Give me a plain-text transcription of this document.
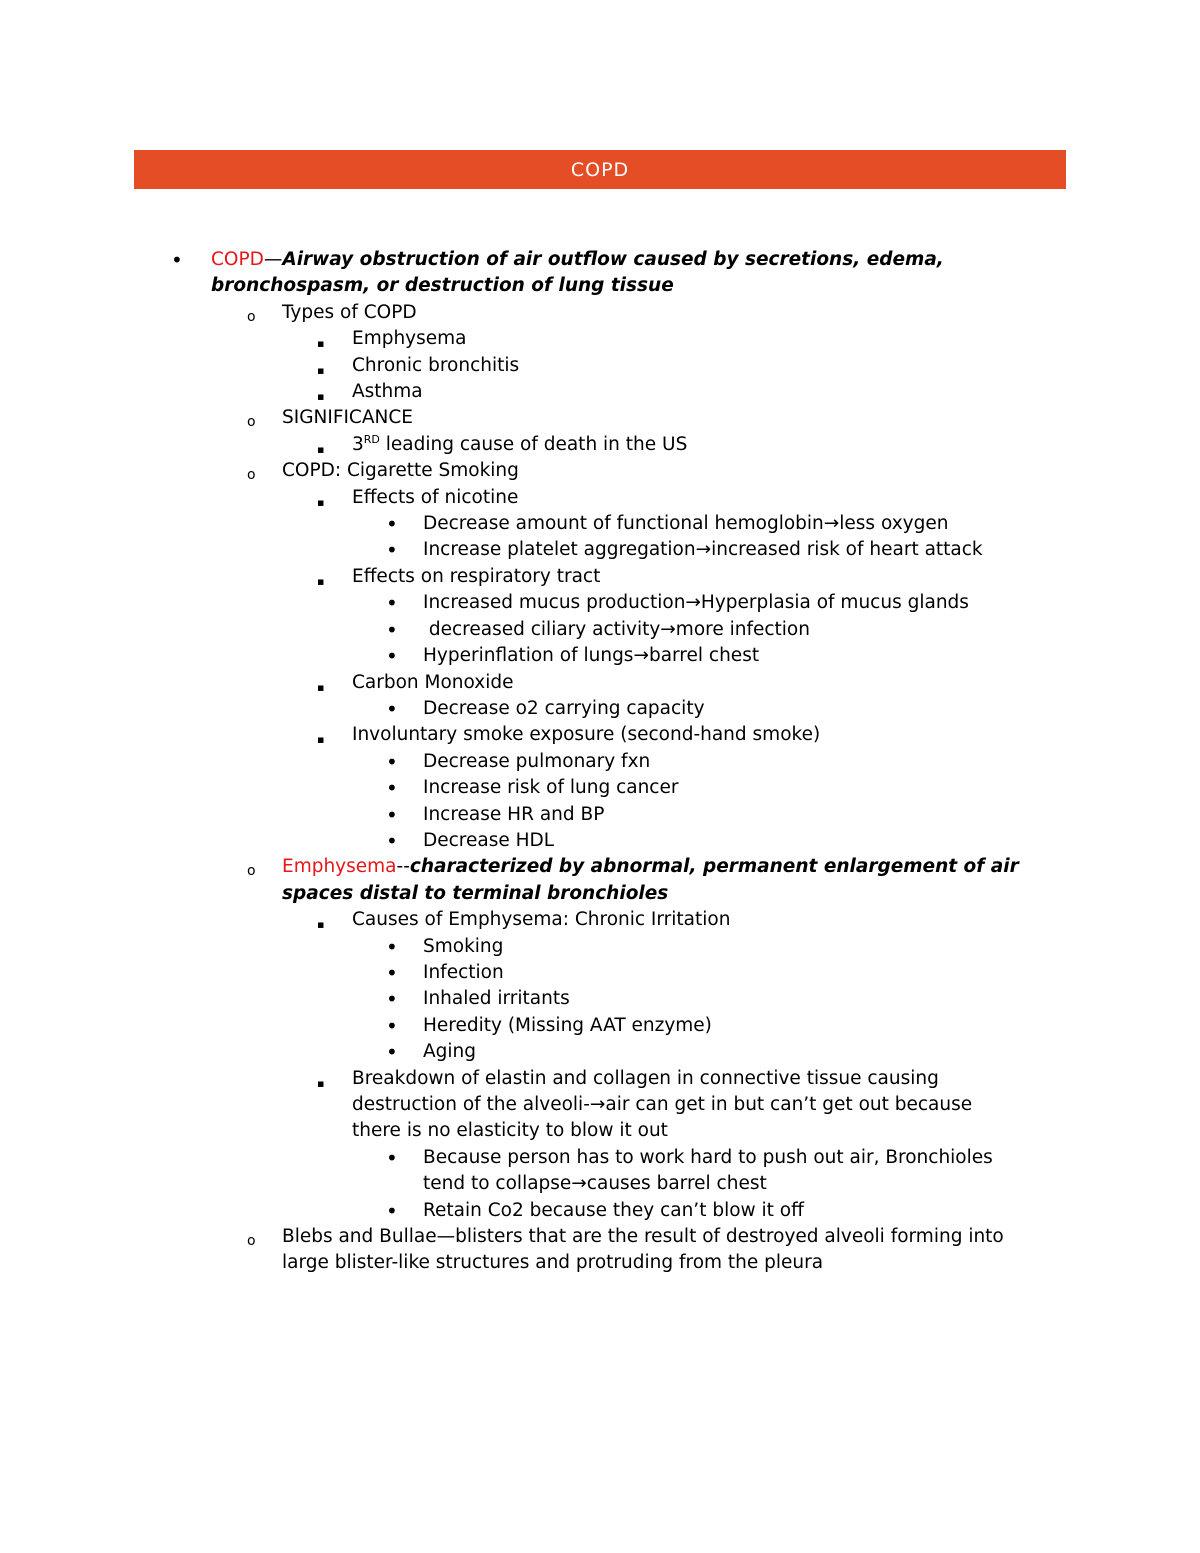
COPD
• COPD—Airway obstruction of air outflow caused by secretions, edema, bronchospasm, or destruction of lung tissue
o Types of COPD
▪ Emphysema
▪ Chronic bronchitis
▪ Asthma
o SIGNIFICANCE
▪ 3RD leading cause of death in the US
o COPD: Cigarette Smoking
▪ Effects of nicotine
• Decrease amount of functional hemoglobin→less oxygen
• Increase platelet aggregation→increased risk of heart attack
▪ Effects on respiratory tract
• Increased mucus production→Hyperplasia of mucus glands
• decreased ciliary activity→more infection
• Hyperinflation of lungs→barrel chest
▪ Carbon Monoxide
• Decrease o2 carrying capacity
▪ Involuntary smoke exposure (second-hand smoke)
• Decrease pulmonary fxn
• Increase risk of lung cancer
• Increase HR and BP
• Decrease HDL
o Emphysema--characterized by abnormal, permanent enlargement of air spaces distal to terminal bronchioles
▪ Causes of Emphysema: Chronic Irritation
• Smoking
• Infection
• Inhaled irritants
• Heredity (Missing AAT enzyme)
• Aging
▪ Breakdown of elastin and collagen in connective tissue causing destruction of the alveoli-→air can get in but can’t get out because there is no elasticity to blow it out
• Because person has to work hard to push out air, Bronchioles tend to collapse→causes barrel chest
• Retain Co2 because they can’t blow it off
o Blebs and Bullae—blisters that are the result of destroyed alveoli forming into large blister-like structures and protruding from the pleura
